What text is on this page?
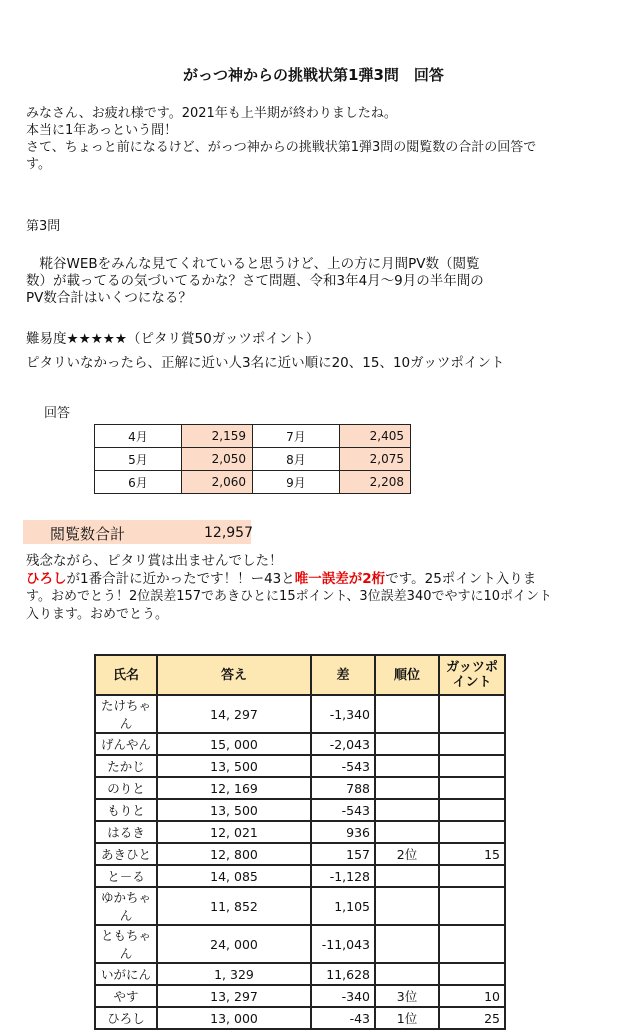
がっつ神からの挑戦状第1弾3問　回答
みなさん、お疲れ様です。2021年も上半期が終わりましたね。
本当に1年あっという間！
さて、ちょっと前になるけど、がっつ神からの挑戦状第1弾3問の閲覧数の合計の回答で
す。
第3問
　糀谷WEBをみんな見てくれていると思うけど、上の方に月間PV数（閲覧
数）が載ってるの気づいてるかな？さて問題、令和3年4月～9月の半年間の
PV数合計はいくつになる？
難易度★★★★★（ピタリ賞50ガッツポイント）
ピタリいなかったら、正解に近い人3名に近い順に20、15、10ガッツポイント
回答
4月	2,159	7月	2,405
5月	2,050	8月	2,075
6月	2,060	9月	2,208
閲覧数合計	12,957
残念ながら、ピタリ賞は出ませんでした！
ひろしが1番合計に近かったです！！ー43と唯一誤差が2桁です。25ポイント入りま
す。おめでとう！2位誤差157であきひとに15ポイント、3位誤差340でやすに10ポイント
入ります。おめでとう。
氏名	答え	差	順位	ガッツポ
イント
たけちゃん	14, 297	-1,340		
げんやん	15, 000	-2,043		
たかじ	13, 500	-543		
のりと	12, 169	788		
もりと	13, 500	-543		
はるき	12, 021	936		
あきひと	12, 800	157	2位	15
と－る	14, 085	-1,128		
ゆかちゃん	11, 852	1,105		
ともちゃん	24, 000	-11,043		
いがにん	1, 329	11,628		
やす	13, 297	-340	3位	10
ひろし	13, 000	-43	1位	25
